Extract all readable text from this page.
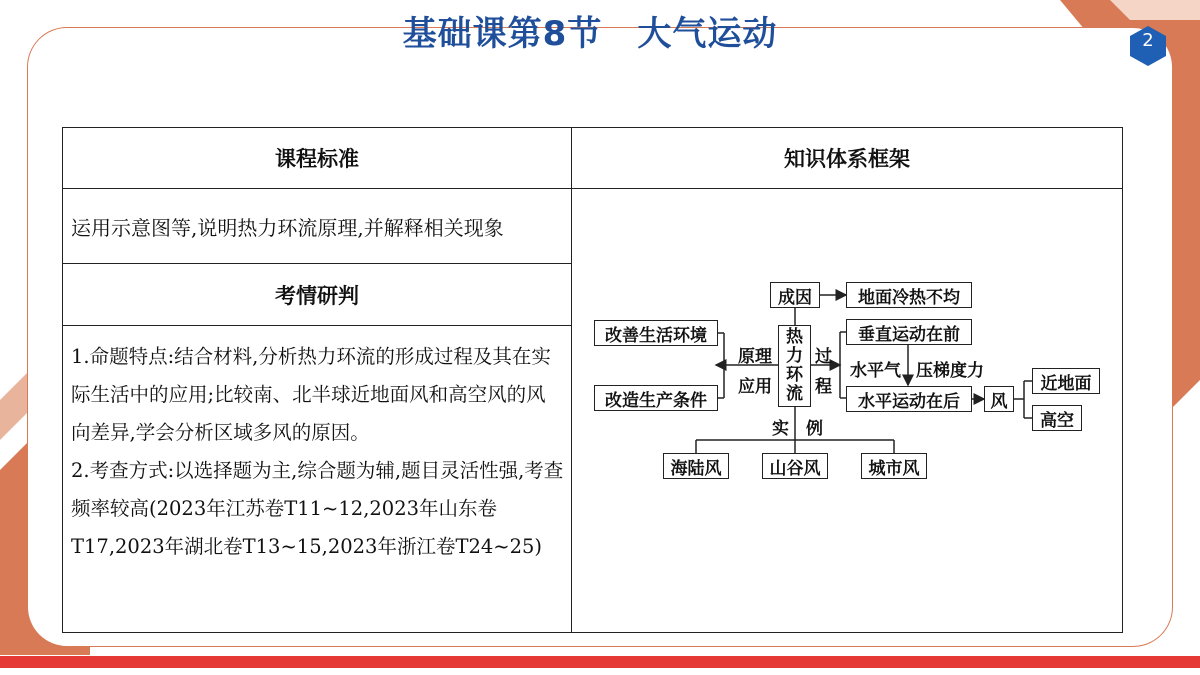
基础课第8节　大气运动	2
课程标准	知识体系框架
运用示意图等,说明热力环流原理,并解释相关现象	
考情研判	

1.命题特点:结合材料,分析热力环流的形成过程及其在实际生活中的应用;比较南、北半球近地面风和高空风的风向差异,学会分析区域多风的原因。

2.考查方式:以选择题为主,综合题为辅,题目灵活性强,考查频率较高(2023年江苏卷T11~12,2023年山东卷T17,2023年湖北卷T13~15,2023年浙江卷T24~25)	

成因	地面冷热不均
热
力
环
流
改善生活环境
改造生产条件
原理
应用
过
程
垂直运动在前
水平气 压梯度力
水平运动在后	风
近地面
高空
实　例
海陆风	山谷风	城市风
